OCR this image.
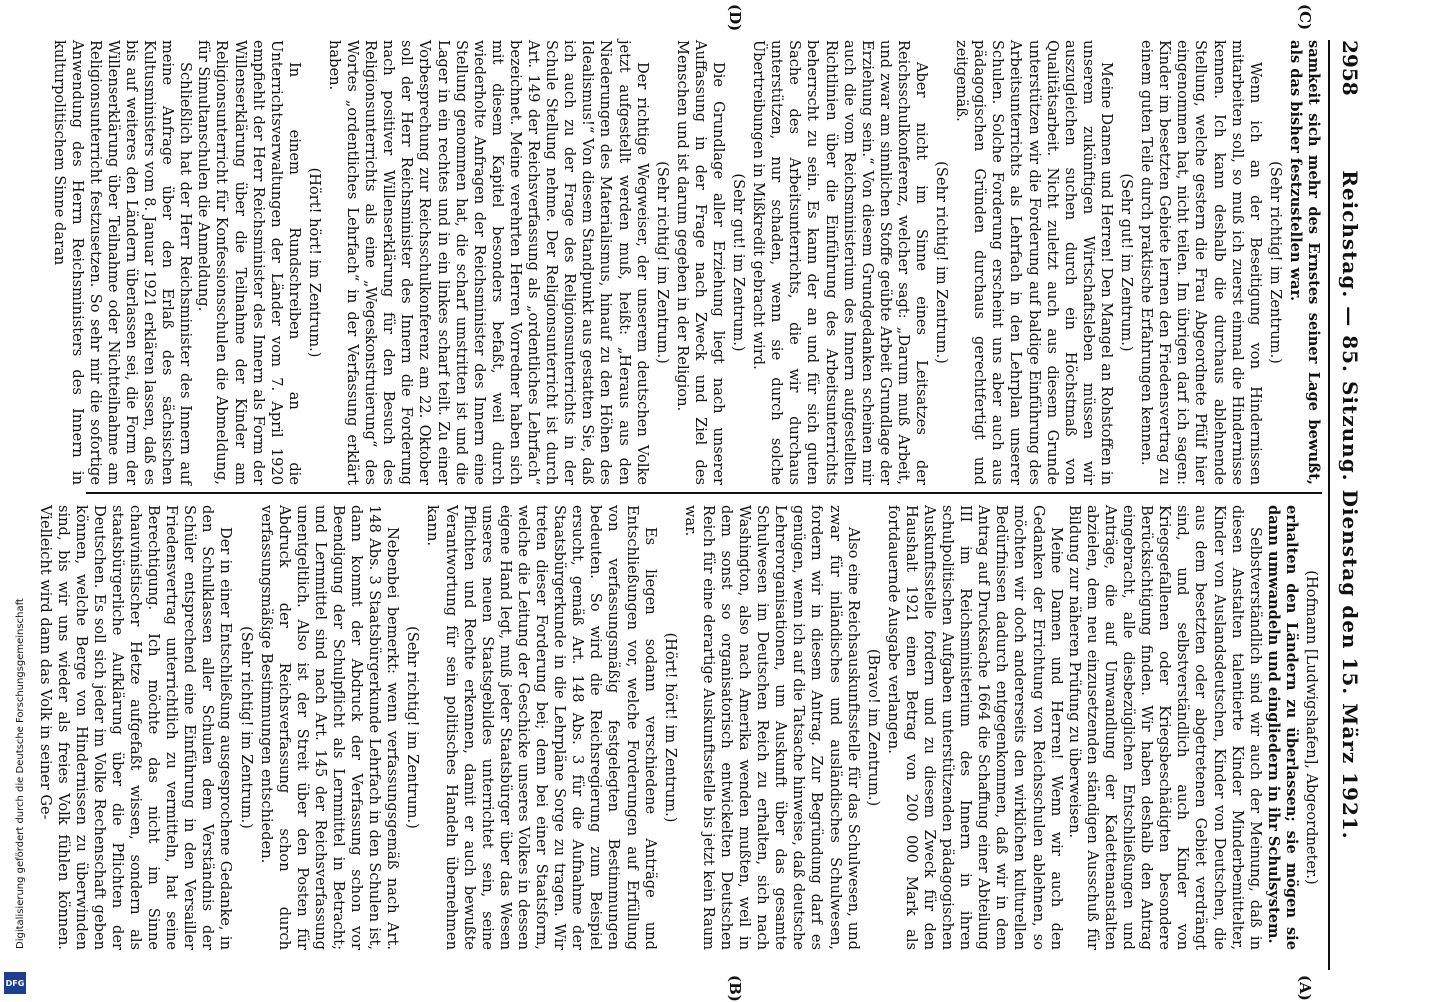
Reichstag. — 85. Sitzung. Dienstag den 15. März 1921.
2958
(C)
(D)
(A)
(B)

samkeit sich mehr des Ernstes seiner Lage bewußt, als das bisher festzustellen war.

(Sehr richtig! im Zentrum.)

Wenn ich an der Beseitigung von Hindernissen mitarbeiten soll, so muß ich zuerst einmal die Hindernisse kennen. Ich kann deshalb die durchaus ablehnende Stellung, welche gestern die Frau Abgeordnete Pfülf hier eingenommen hat, nicht teilen. Im übrigen darf ich sagen: Kinder im besetzten Gebiete lernen den Friedensvertrag zu einem guten Teile durch praktische Erfahrungen kennen.

(Sehr gut! im Zentrum.)

Meine Damen und Herren! Den Mangel an Rohstoffen in unserem zukünftigen Wirtschaftsleben müssen wir auszugleichen suchen durch ein Höchstmaß von Qualitätsarbeit. Nicht zuletzt auch aus diesem Grunde unterstützen wir die Forderung auf baldige Einführung des Arbeitsunterrichts als Lehrfach in den Lehrplan unserer Schulen. Solche Forderung erscheint uns aber auch aus pädagogischen Gründen durchaus gerechtfertigt und zeitgemäß.

(Sehr richtig! im Zentrum.)

Aber nicht im Sinne eines Leitsatzes der Reichsschulkonferenz, welcher sagt: „Darum muß Arbeit, und zwar am sinnlichen Stoffe geübte Arbeit Grundlage der Erziehung sein.“ Von diesem Grundgedanken scheinen mir auch die vom Reichsministerium des Innern aufgestellten Richtlinien über die Einführung des Arbeitsunterrichts beherrscht zu sein. Es kann der an und für sich guten Sache des Arbeitsunterrichts, die wir durchaus unterstützen, nur schaden, wenn sie durch solche Übertreibungen in Mißkredit gebracht wird.

(Sehr gut! im Zentrum.)

Die Grundlage aller Erziehung liegt nach unserer Auffassung in der Frage nach Zweck und Ziel des Menschen und ist darum gegeben in der Religion.

(Sehr richtig! im Zentrum.)

Der richtige Wegweiser, der unserem deutschen Volke jetzt aufgestellt werden muß, heißt: „Heraus aus den Niederungen des Materialismus, hinauf zu den Höhen des Idealismus!“ Von diesem Standpunkt aus gestatten Sie, daß ich auch zu der Frage des Religionsunterrichts in der Schule Stellung nehme. Der Religionsunterricht ist durch Art. 149 der Reichsverfassung als „ordentliches Lehrfach“ bezeichnet. Meine verehrten Herren Vorredner haben sich mit diesem Kapitel besonders befaßt, weil durch wiederholte Anfragen der Reichsminister des Innern eine Stellung genommen hat, die scharf umstritten ist und die Lager in ein rechtes und in ein linkes scharf teilt. Zu einer Vorbesprechung zur Reichsschulkonferenz am 22. Oktober soll der Herr Reichsminister des Innern die Forderung nach positiver Willenserklärung für den Besuch des Religionsunterrichts als eine „Wegeskonstruierung“ des Wortes „ordentliches Lehrfach“ in der Verfassung erklärt haben.

(Hört! hört! im Zentrum.)

In einem Rundschreiben an die Unterrichtsverwaltungen der Länder vom 7. April 1920 empfiehlt der Herr Reichsminister des Innern als Form der Willenserklärung über die Teilnahme der Kinder am Religionsunterricht für Konfessionsschulen die Abmeldung, für Simultanschulen die Anmeldung.

Schließlich hat der Herr Reichsminister des Innern auf meine Anfrage über den Erlaß des sächsischen Kultusministers vom 8. Januar 1921 erklären lassen, daß es bis auf weiteres den Ländern überlassen sei, die Form der Willenserklärung über Teilnahme oder Nichtteilnahme am Religionsunterricht festzusetzen. So sehr mir die sofortige Anwendung des Herrn Reichsministers des Innern in kulturpolitischem Sinne daran

(Hofmann [Ludwigshafen], Abgeordneter.)

erhalten den Ländern zu überlassen; sie mögen sie dann umwandeln und eingliedern in ihr Schulsystem.

Selbstverständlich sind wir auch der Meinung, daß in diesen Anstalten talentierte Kinder Minderbemittelter, Kinder von Auslandsdeutschen, Kinder von Deutschen, die aus dem besetzten oder abgetretenen Gebiet verdrängt sind, und selbstverständlich auch Kinder von Kriegsgefallenen oder Kriegsbeschädigten besondere Berücksichtigung finden. Wir haben deshalb den Antrag eingebracht, alle diesbezüglichen Entschließungen und Anträge, die auf Umwandlung der Kadettenanstalten abzielen, dem neu einzusetzenden ständigen Ausschuß für Bildung zur näheren Prüfung zu überweisen.

Meine Damen und Herren! Wenn wir auch den Gedanken der Errichtung von Reichsschulen ablehnen, so möchten wir doch andererseits den wirklichen kulturellen Bedürfnissen dadurch entgegenkommen, daß wir in dem Antrag auf Drucksache 1664 die Schaffung einer Abteilung III im Reichsministerium des Innern in ihren schulpolitischen Aufgaben unterstützenden pädagogischen Auskunftsstelle fordern und zu diesem Zweck für den Haushalt 1921 einen Betrag von 200 000 Mark als fortdauernde Ausgabe verlangen.

(Bravo! im Zentrum.)

Also eine Reichsauskunftsstelle für das Schulwesen, und zwar für inländisches und ausländisches Schulwesen, fordern wir in diesem Antrag. Zur Begründung darf es genügen, wenn ich auf die Tatsache hinweise, daß deutsche Lehrerorganisationen, um Auskunft über das gesamte Schulwesen im Deutschen Reich zu erhalten, sich nach Washington, also nach Amerika wenden mußten, weil in dem sonst so organisatorisch entwickelten Deutschen Reich für eine derartige Auskunftsstelle bis jetzt kein Raum war.

(Hört! hört! im Zentrum.)

Es liegen sodann verschiedene Anträge und Entschließungen vor, welche Forderungen auf Erfüllung von verfassungsmäßig festgelegten Bestimmungen bedeuten. So wird die Reichsregierung zum Beispiel ersucht, gemäß Art. 148 Abs. 3 für die Aufnahme der Staatsbürgerkunde in die Lehrpläne Sorge zu tragen. Wir treten dieser Forderung bei; denn bei einer Staatsform, welche die Leitung der Geschicke unseres Volkes in dessen eigene Hand legt, muß jeder Staatsbürger über das Wesen unseres neuen Staatsgebildes unterrichtet sein, seine Pflichten und Rechte erkennen, damit er auch bewußte Verantwortung für sein politisches Handeln übernehmen kann.

(Sehr richtig! im Zentrum.)

Nebenbei bemerkt: wenn verfassungsgemäß nach Art. 148 Abs. 3 Staatsbürgerkunde Lehrfach in den Schulen ist, dann kommt der Abdruck der Verfassung schon vor Beendigung der Schulpflicht als Lernmittel in Betracht; und Lernmittel sind nach Art. 145 der Reichsverfassung unentgeltlich. Also ist der Streit über den Posten für Abdruck der Reichsverfassung schon durch verfassungsmäßige Bestimmungen entschieden.

(Sehr richtig! im Zentrum.)

Der in einer Entschließung ausgesprochene Gedanke, in den Schulklassen aller Schulen dem Verständnis der Schüler entsprechend eine Einführung in den Versailler Friedensvertrag unterrichtlich zu vermitteln, hat seine Berechtigung. Ich möchte das nicht im Sinne chauvinistischer Hetze aufgefaßt wissen, sondern als staatsbürgerliche Aufklärung über die Pflichten der Deutschen. Es soll sich jeder im Volke Rechenschaft geben können, welche Berge von Hindernissen zu überwinden sind, bis wir uns wieder als freies Volk fühlen können. Vielleicht wird dann das Volk in seiner Ge-

Digitalisierung gefördert durch die Deutsche Forschungsgemeinschaft
DFG
